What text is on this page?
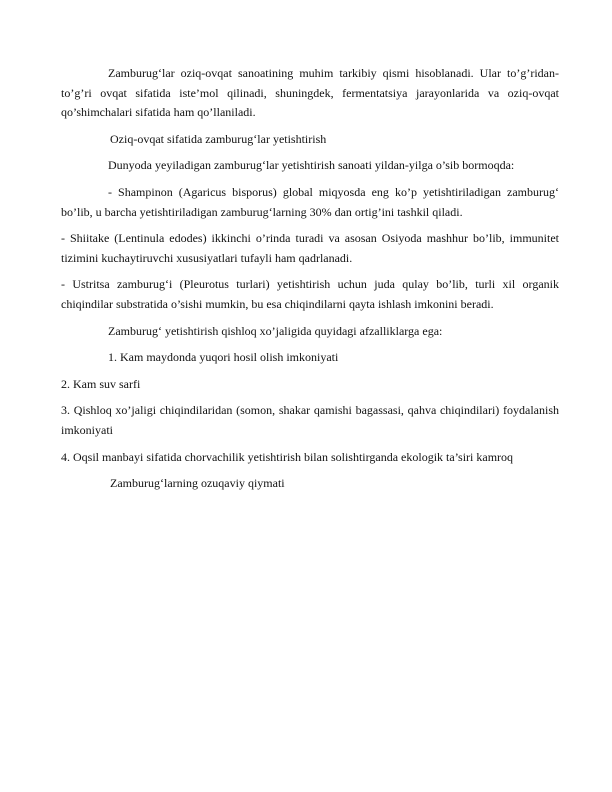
Zamburug‘lar oziq-ovqat sanoatining muhim tarkibiy qismi hisoblanadi. Ular to’g’ridan-to’g’ri ovqat sifatida iste’mol qilinadi, shuningdek, fermentatsiya jarayonlarida va oziq-ovqat qo’shimchalari sifatida ham qo’llaniladi.

Oziq-ovqat sifatida zamburug‘lar yetishtirish

Dunyoda yeyiladigan zamburug‘lar yetishtirish sanoati yildan-yilga o’sib bormoqda:

- Shampinon (Agaricus bisporus) global miqyosda eng ko’p yetishtiriladigan zamburug‘ bo’lib, u barcha yetishtiriladigan zamburug‘larning 30% dan ortig’ini tashkil qiladi.

- Shiitake (Lentinula edodes) ikkinchi o’rinda turadi va asosan Osiyoda mashhur bo’lib, immunitet tizimini kuchaytiruvchi xususiyatlari tufayli ham qadrlanadi.

- Ustritsa zamburug‘i (Pleurotus turlari) yetishtirish uchun juda qulay bo’lib, turli xil organik chiqindilar substratida o’sishi mumkin, bu esa chiqindilarni qayta ishlash imkonini beradi.

Zamburug‘ yetishtirish qishloq xo’jaligida quyidagi afzalliklarga ega:

1. Kam maydonda yuqori hosil olish imkoniyati

2. Kam suv sarfi

3. Qishloq xo’jaligi chiqindilaridan (somon, shakar qamishi bagassasi, qahva chiqindilari) foydalanish imkoniyati

4. Oqsil manbayi sifatida chorvachilik yetishtirish bilan solishtirganda ekologik ta’siri kamroq

Zamburug‘larning ozuqaviy qiymati
